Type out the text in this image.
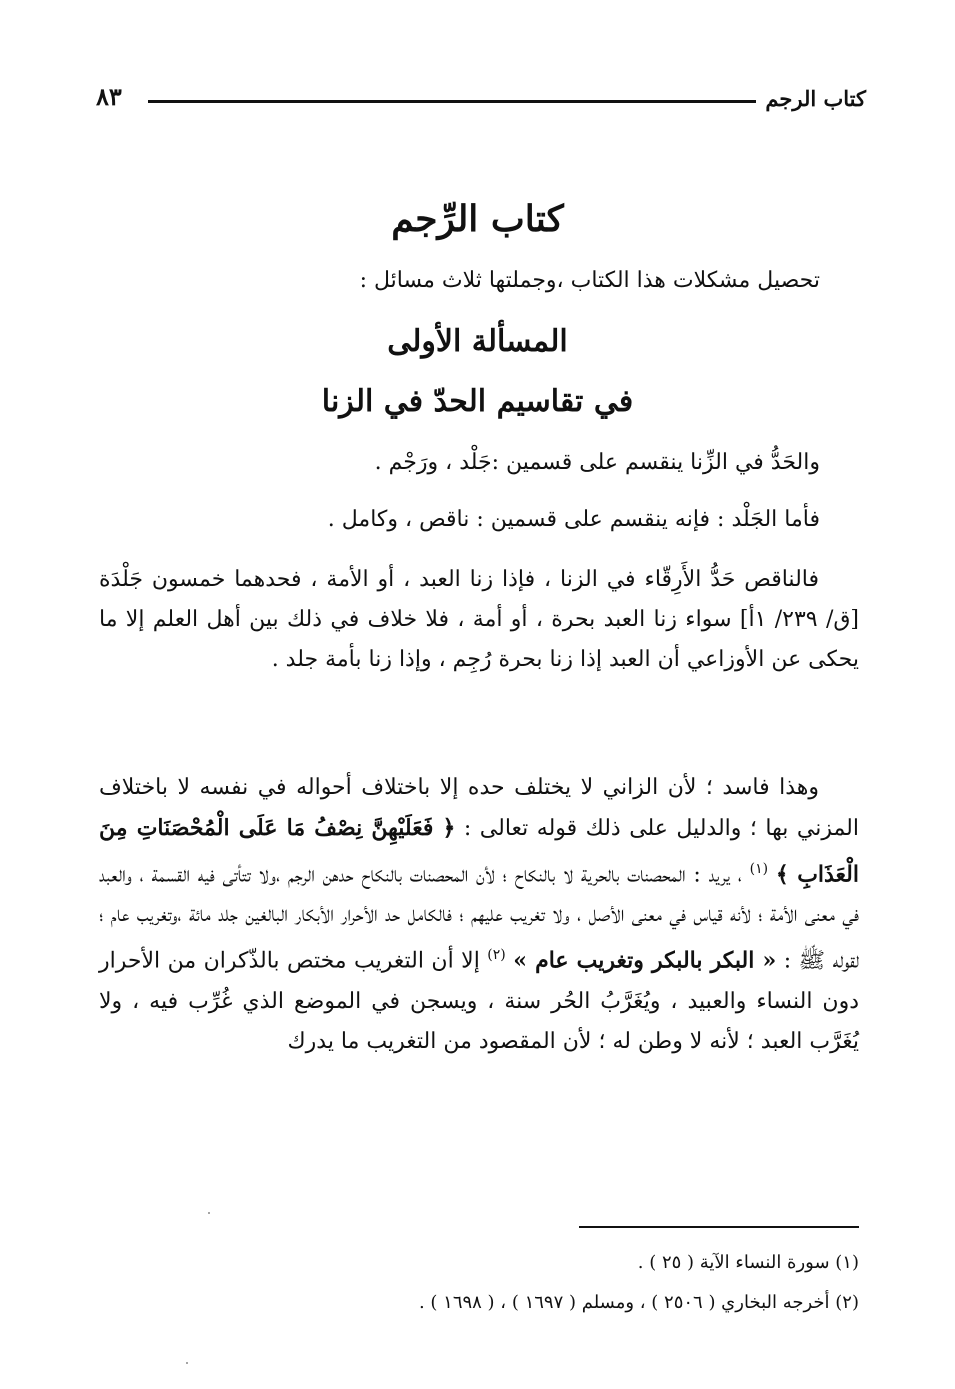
كتاب الرجم
٨٣
كتاب الرِّجم
تحصيل مشكلات هذا الكتاب ،وجملتها ثلاث مسائل :
المسألة الأولى
في تقاسيم الحدّ في الزنا
والحَدُّ في الزِّنا ينقسم على قسمين :جَلْد ، ورَجْم .
فأما الجَلْد : فإنه ينقسم على قسمين : ناقص ، وكامل .
فالناقص حَدُّ الأَرِقّاء في الزنا ، فإذا زنا العبد ، أو الأمة ، فحدهما خمسون جَلْدَة [ق/ ٢٣٩/ ١أ] سواء زنا العبد بحرة ، أو أمة ، فلا خلاف في ذلك بين أهل العلم إلا ما يحكى عن الأوزاعي أن العبد إذا زنا بحرة رُجِم ، وإذا زنا بأمة جلد .
وهذا فاسد ؛ لأن الزاني لا يختلف حده إلا باختلاف أحواله في نفسه لا باختلاف المزني بها ؛ والدليل على ذلك قوله تعالى : ﴿ فَعَلَيْهِنَّ نِصْفُ مَا عَلَى الْمُحْصَنَاتِ مِنَ الْعَذَابِ ﴾ $^{(١)}$ ، يريد : المحصنات بالحرية لا بالنكاح ؛ لأن المحصنات بالنكاح حدهن الرجم ،ولا تتأتى فيه القسمة ، والعبد في معنى الأمة ؛ لأنه قياس في معنى الأصل ، ولا تغريب عليهم ؛ فالكامل حد الأحرار الأبكار البالغين جلد مائة ،وتغريب عام ؛ لقوله ﷺ : « البكر بالبكر وتغريب عام » $^{(٢)}$ إلا أن التغريب مختص بالذّكران من الأحرار دون النساء والعبيد ، ويُغَرَّبُ الحُر سنة ، ويسجن في الموضع الذي غُرِّب فيه ، ولا يُغَرَّب العبد ؛ لأنه لا وطن له ؛ لأن المقصود من التغريب ما يدرك
(١) سورة النساء الآية ( ٢٥ ) .
(٢) أخرجه البخاري ( ٢٥٠٦ ) ، ومسلم ( ١٦٩٧ ) ، ( ١٦٩٨ ) .
